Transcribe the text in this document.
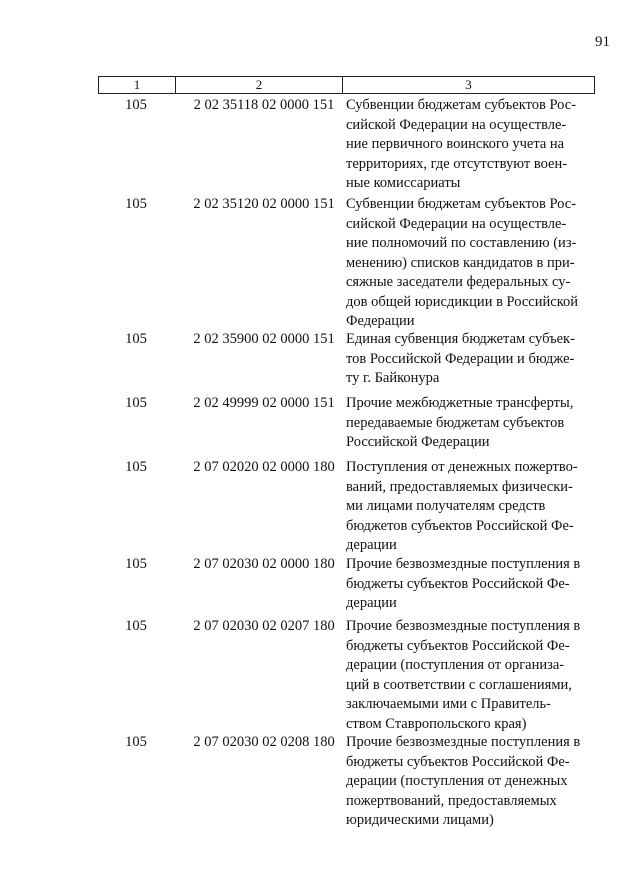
91
1	2	3
105	2 02 35118 02 0000 151 Субвенции бюджетам субъектов Рос-
сийской Федерации на осуществле-
ние первичного воинского учета на
территориях, где отсутствуют воен-
ные комиссариаты
105	2 02 35120 02 0000 151 Субвенции бюджетам субъектов Рос-
сийской Федерации на осуществле-
ние полномочий по составлению (из-
менению) списков кандидатов в при-
сяжные заседатели федеральных су-
дов общей юрисдикции в Российской
Федерации
105	2 02 35900 02 0000 151 Единая субвенция бюджетам субъек-
тов Российской Федерации и бюдже-
ту г. Байконура
105	2 02 49999 02 0000 151 Прочие межбюджетные трансферты,
передаваемые бюджетам субъектов
Российской Федерации
105	2 07 02020 02 0000 180 Поступления от денежных пожертво-
ваний, предоставляемых физически-
ми лицами получателям средств
бюджетов субъектов Российской Фе-
дерации
105	2 07 02030 02 0000 180 Прочие безвозмездные поступления в
бюджеты субъектов Российской Фе-
дерации
105	2 07 02030 02 0207 180 Прочие безвозмездные поступления в
бюджеты субъектов Российской Фе-
дерации (поступления от организа-
ций в соответствии с соглашениями,
заключаемыми ими с Правитель-
ством Ставропольского края)
105	2 07 02030 02 0208 180 Прочие безвозмездные поступления в
бюджеты субъектов Российской Фе-
дерации (поступления от денежных
пожертвований, предоставляемых
юридическими лицами)
